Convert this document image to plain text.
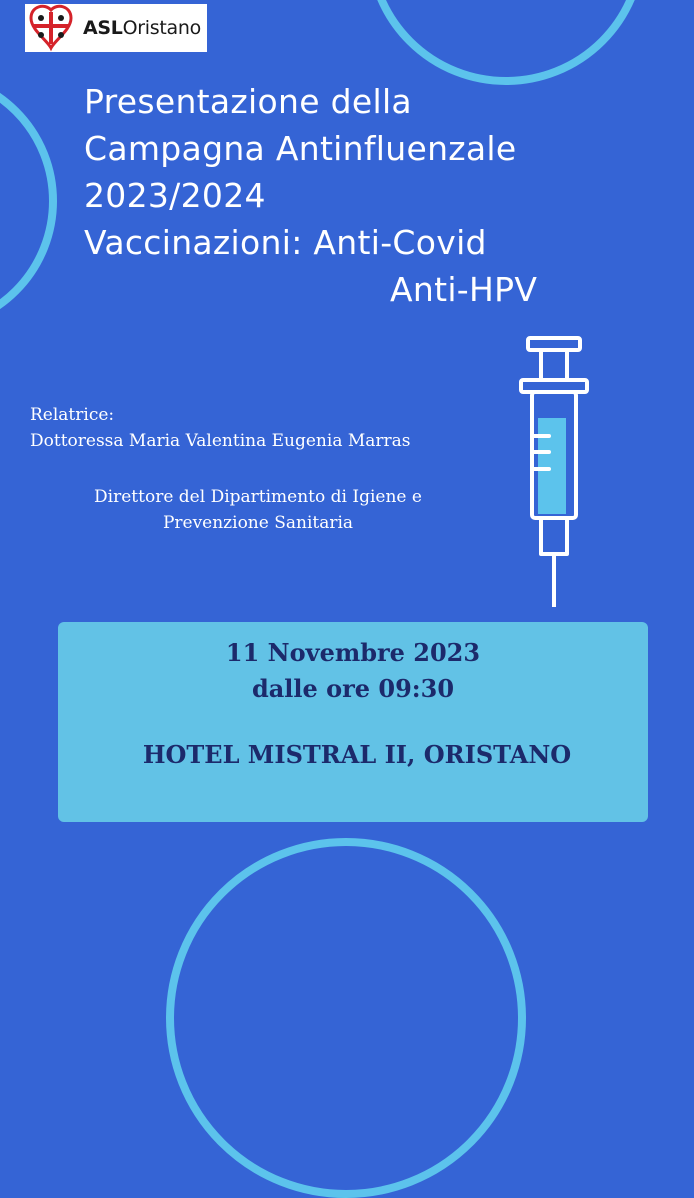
ASLOristano
Presentazione della
Campagna Antinfluenzale
2023/2024
Vaccinazioni: Anti-Covid
Anti-HPV
Relatrice:
Dottoressa Maria Valentina Eugenia Marras
Direttore del Dipartimento di Igiene e
Prevenzione Sanitaria
11 Novembre 2023
dalle ore 09:30
HOTEL MISTRAL II, ORISTANO
